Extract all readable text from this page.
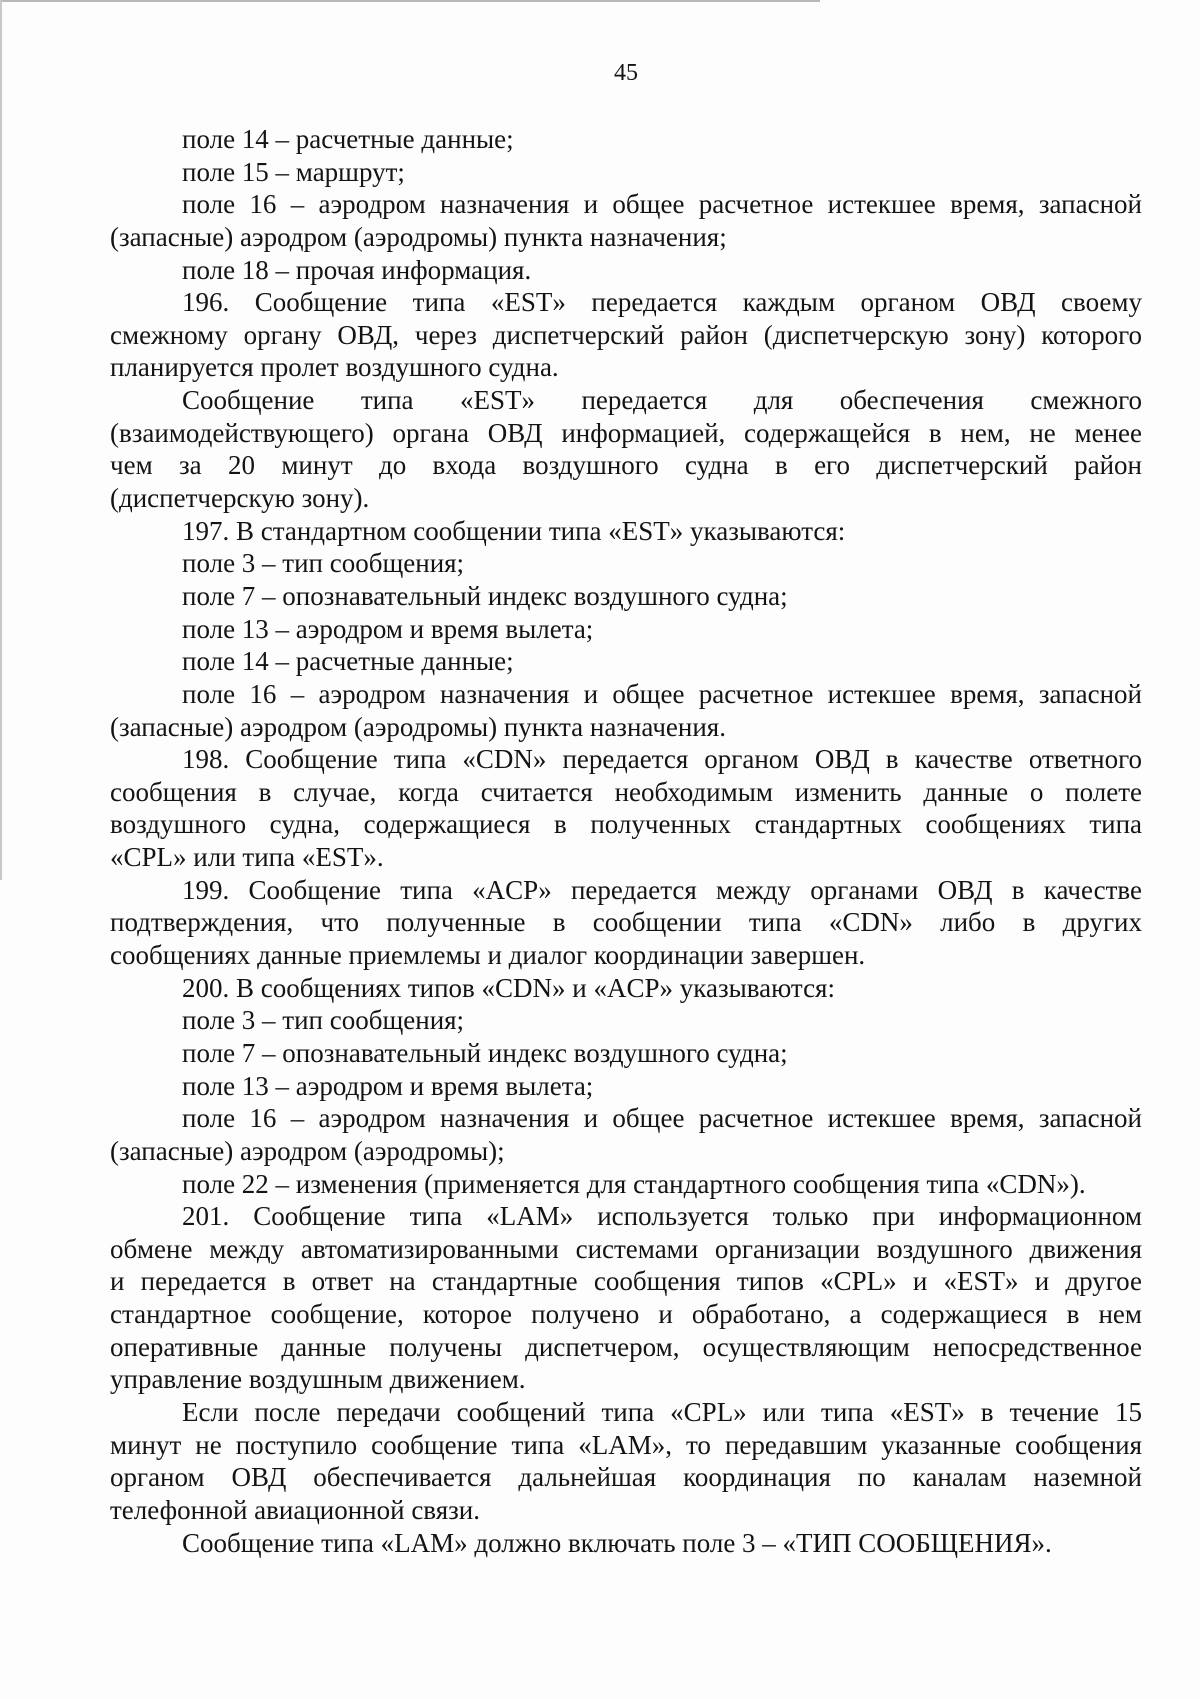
45
поле 14 – расчетные данные;
поле 15 – маршрут;
поле 16 – аэродром назначения и общее расчетное истекшее время, запасной
(запасные) аэродром (аэродромы) пункта назначения;
поле 18 – прочая информация.
196. Сообщение типа «EST» передается каждым органом ОВД своему
смежному органу ОВД, через диспетчерский район (диспетчерскую зону) которого
планируется пролет воздушного судна.
Сообщение типа «EST» передается для обеспечения смежного
(взаимодействующего) органа ОВД информацией, содержащейся в нем, не менее
чем за 20 минут до входа воздушного судна в его диспетчерский район
(диспетчерскую зону).
197. В стандартном сообщении типа «EST» указываются:
поле 3 – тип сообщения;
поле 7 – опознавательный индекс воздушного судна;
поле 13 – аэродром и время вылета;
поле 14 – расчетные данные;
поле 16 – аэродром назначения и общее расчетное истекшее время, запасной
(запасные) аэродром (аэродромы) пункта назначения.
198. Сообщение типа «CDN» передается органом ОВД в качестве ответного
сообщения в случае, когда считается необходимым изменить данные о полете
воздушного судна, содержащиеся в полученных стандартных сообщениях типа
«CPL» или типа «EST».
199. Сообщение типа «ACP» передается между органами ОВД в качестве
подтверждения, что полученные в сообщении типа «CDN» либо в других
сообщениях данные приемлемы и диалог координации завершен.
200. В сообщениях типов «CDN» и «ACP» указываются:
поле 3 – тип сообщения;
поле 7 – опознавательный индекс воздушного судна;
поле 13 – аэродром и время вылета;
поле 16 – аэродром назначения и общее расчетное истекшее время, запасной
(запасные) аэродром (аэродромы);
поле 22 – изменения (применяется для стандартного сообщения типа «CDN»).
201. Сообщение типа «LAM» используется только при информационном
обмене между автоматизированными системами организации воздушного движения
и передается в ответ на стандартные сообщения типов «CPL» и «EST» и другое
стандартное сообщение, которое получено и обработано, а содержащиеся в нем
оперативные данные получены диспетчером, осуществляющим непосредственное
управление воздушным движением.
Если после передачи сообщений типа «CPL» или типа «EST» в течение 15
минут не поступило сообщение типа «LAM», то передавшим указанные сообщения
органом ОВД обеспечивается дальнейшая координация по каналам наземной
телефонной авиационной связи.
Сообщение типа «LAM» должно включать поле 3 – «ТИП СООБЩЕНИЯ».
